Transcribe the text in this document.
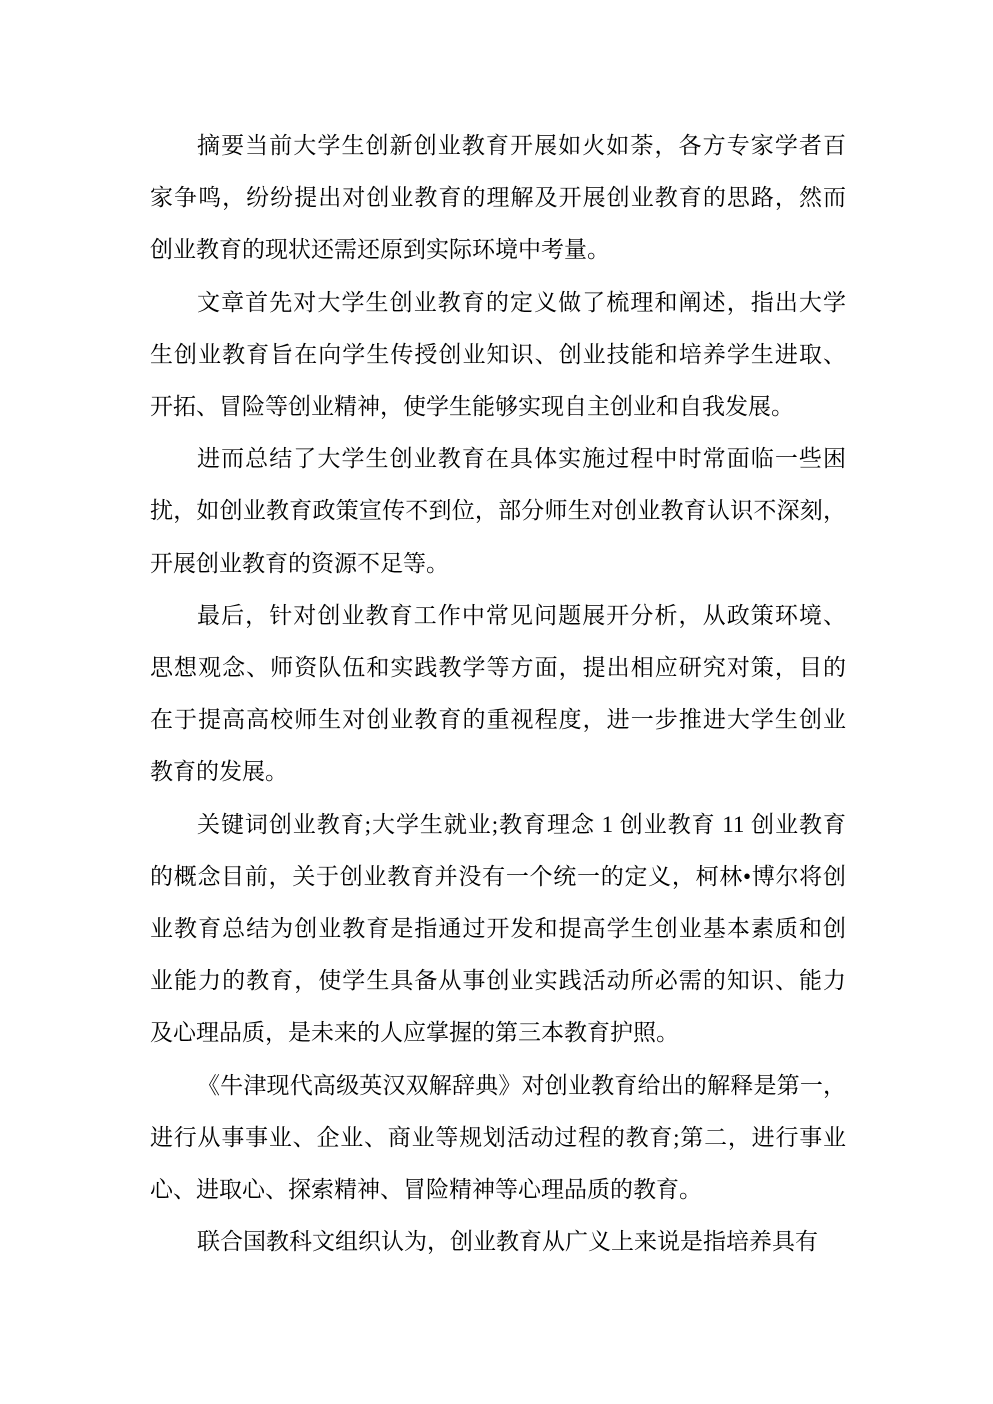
摘要当前大学生创新创业教育开展如火如荼，各方专家学者百
家争鸣，纷纷提出对创业教育的理解及开展创业教育的思路，然而
创业教育的现状还需还原到实际环境中考量。

文章首先对大学生创业教育的定义做了梳理和阐述，指出大学
生创业教育旨在向学生传授创业知识、创业技能和培养学生进取、
开拓、冒险等创业精神，使学生能够实现自主创业和自我发展。

进而总结了大学生创业教育在具体实施过程中时常面临一些困
扰，如创业教育政策宣传不到位，部分师生对创业教育认识不深刻，
开展创业教育的资源不足等。

最后，针对创业教育工作中常见问题展开分析，从政策环境、
思想观念、师资队伍和实践教学等方面，提出相应研究对策，目的
在于提高高校师生对创业教育的重视程度，进一步推进大学生创业
教育的发展。

关键词创业教育;大学生就业;教育理念 1 创业教育 11 创业教育
的概念目前，关于创业教育并没有一个统一的定义，柯林•博尔将创
业教育总结为创业教育是指通过开发和提高学生创业基本素质和创
业能力的教育，使学生具备从事创业实践活动所必需的知识、能力
及心理品质，是未来的人应掌握的第三本教育护照。

《牛津现代高级英汉双解辞典》对创业教育给出的解释是第一，
进行从事事业、企业、商业等规划活动过程的教育;第二，进行事业
心、进取心、探索精神、冒险精神等心理品质的教育。

联合国教科文组织认为，创业教育从广义上来说是指培养具有
